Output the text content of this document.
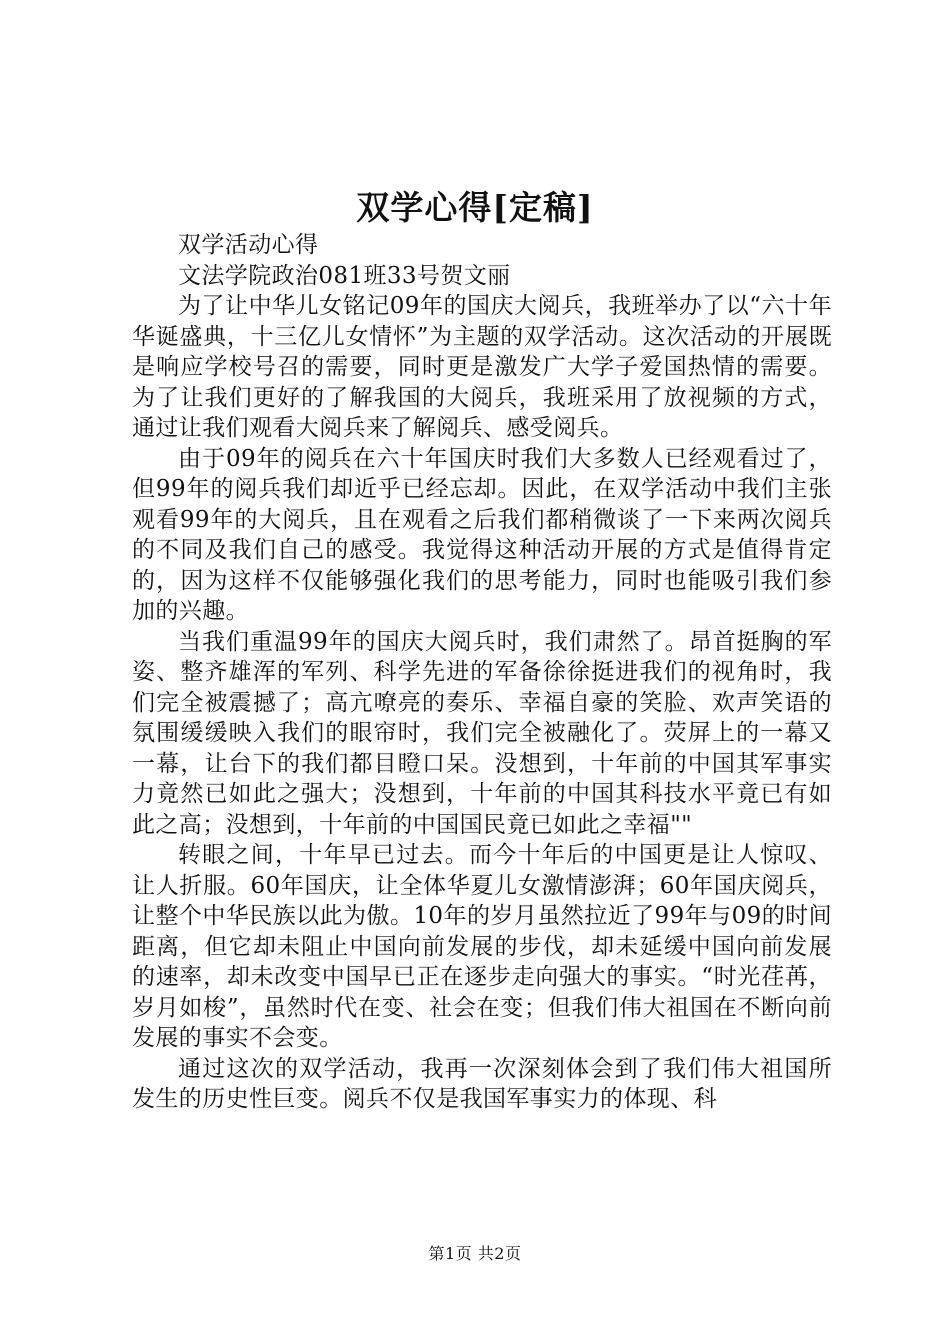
双学心得[定稿]

双学活动心得

文法学院政治081班33号贺文丽

为了让中华儿女铭记09年的国庆大阅兵，我班举办了以“六十年华诞盛典，十三亿儿女情怀”为主题的双学活动。这次活动的开展既是响应学校号召的需要，同时更是激发广大学子爱国热情的需要。为了让我们更好的了解我国的大阅兵，我班采用了放视频的方式，通过让我们观看大阅兵来了解阅兵、感受阅兵。

由于09年的阅兵在六十年国庆时我们大多数人已经观看过了，但99年的阅兵我们却近乎已经忘却。因此，在双学活动中我们主张观看99年的大阅兵，且在观看之后我们都稍微谈了一下来两次阅兵的不同及我们自己的感受。我觉得这种活动开展的方式是值得肯定的，因为这样不仅能够强化我们的思考能力，同时也能吸引我们参加的兴趣。

当我们重温99年的国庆大阅兵时，我们肃然了。昂首挺胸的军姿、整齐雄浑的军列、科学先进的军备徐徐挺进我们的视角时，我们完全被震撼了；高亢嘹亮的奏乐、幸福自豪的笑脸、欢声笑语的氛围缓缓映入我们的眼帘时，我们完全被融化了。荧屏上的一幕又一幕，让台下的我们都目瞪口呆。没想到，十年前的中国其军事实力竟然已如此之强大；没想到，十年前的中国其科技水平竟已有如此之高；没想到，十年前的中国国民竟已如此之幸福""

转眼之间，十年早已过去。而今十年后的中国更是让人惊叹、让人折服。60年国庆，让全体华夏儿女激情澎湃；60年国庆阅兵，让整个中华民族以此为傲。10年的岁月虽然拉近了99年与09的时间距离，但它却未阻止中国向前发展的步伐，却未延缓中国向前发展的速率，却未改变中国早已正在逐步走向强大的事实。“时光荏苒，岁月如梭”，虽然时代在变、社会在变；但我们伟大祖国在不断向前发展的事实不会变。

通过这次的双学活动，我再一次深刻体会到了我们伟大祖国所发生的历史性巨变。阅兵不仅是我国军事实力的体现、科

第1页 共2页
